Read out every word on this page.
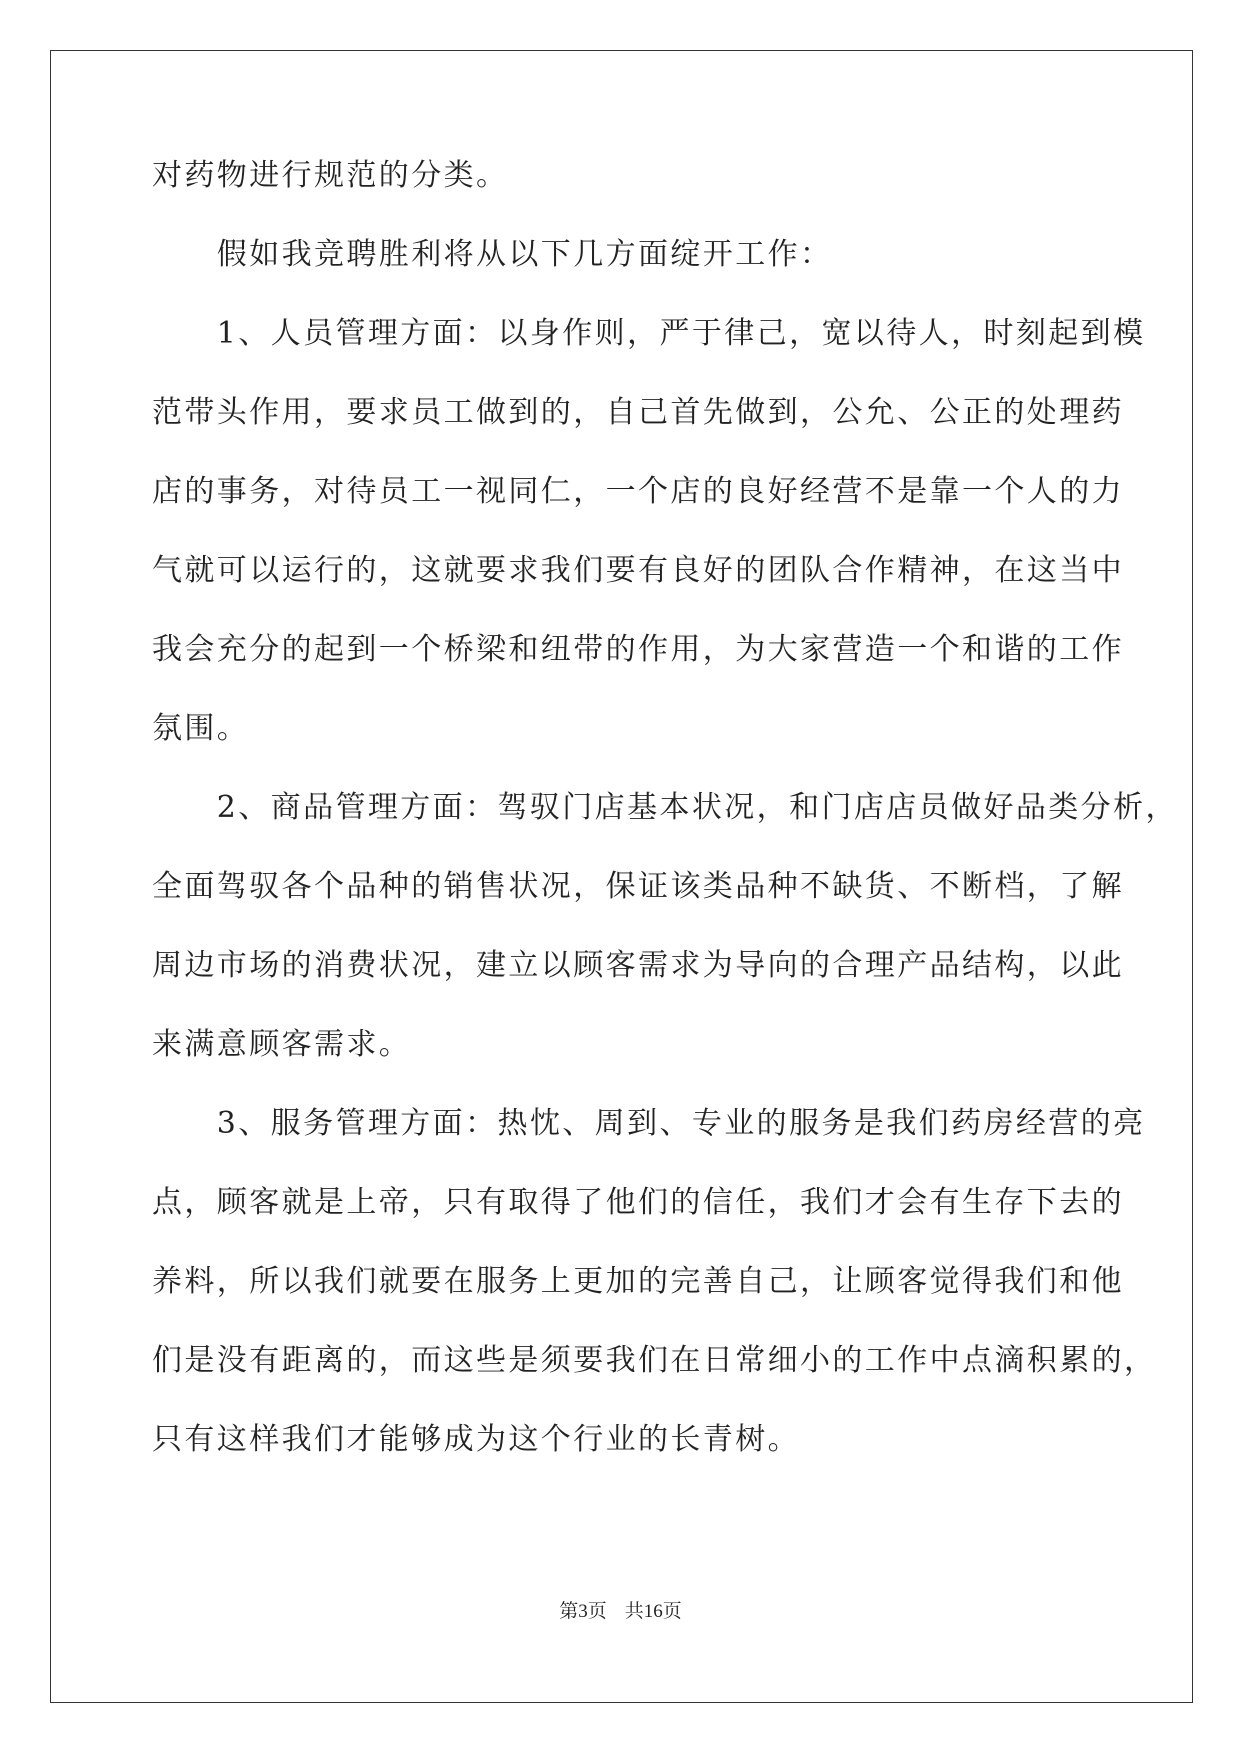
对药物进行规范的分类。
　　假如我竞聘胜利将从以下几方面绽开工作：
　　1、人员管理方面：以身作则，严于律己，宽以待人，时刻起到模
范带头作用，要求员工做到的，自己首先做到，公允、公正的处理药
店的事务，对待员工一视同仁，一个店的良好经营不是靠一个人的力
气就可以运行的，这就要求我们要有良好的团队合作精神，在这当中
我会充分的起到一个桥梁和纽带的作用，为大家营造一个和谐的工作
氛围。
　　2、商品管理方面：驾驭门店基本状况，和门店店员做好品类分析，
全面驾驭各个品种的销售状况，保证该类品种不缺货、不断档，了解
周边市场的消费状况，建立以顾客需求为导向的合理产品结构，以此
来满意顾客需求。
　　3、服务管理方面：热忱、周到、专业的服务是我们药房经营的亮
点，顾客就是上帝，只有取得了他们的信任，我们才会有生存下去的
养料，所以我们就要在服务上更加的完善自己，让顾客觉得我们和他
们是没有距离的，而这些是须要我们在日常细小的工作中点滴积累的，
只有这样我们才能够成为这个行业的长青树。
第3页 共16页
